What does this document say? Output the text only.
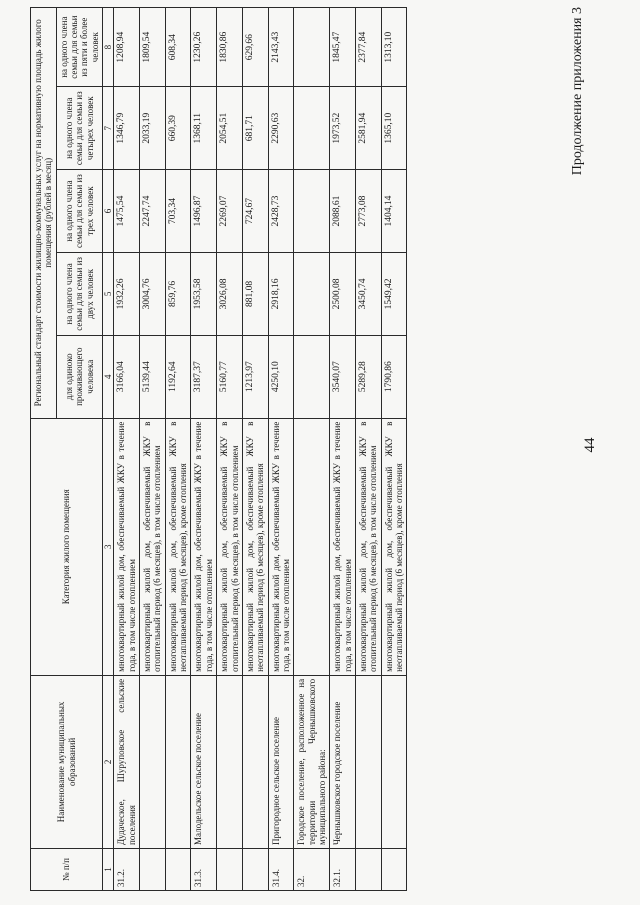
44
Продолжение приложения 3
№ п/п	Наименование муниципальных образований	Категория жилого помещения	Региональный стандарт стоимости жилищно-коммунальных услуг на нормативную площадь жилого помещения (рублей в месяц)				
			для одиноко проживающего человека	на одного члена семьи для семьи из двух человек	на одного члена семьи для семьи из трех человек	на одного члена семьи для семьи из четырех человек	на одного члена семьи для семьи из пяти и более человек
1	2	3	4	5	6	7	8
31.2.	Дудаческое, Шуруповское сельские поселения	многоквартирный жилой дом, обеспечиваемый ЖКУ в течение года, в том числе отоплением	3166,04	1932,26	1475,54	1346,79	1208,94
		многоквартирный жилой дом, обеспечиваемый ЖКУ в отопительный период (6 месяцев), в том числе отоплением	5139,44	3004,76	2247,74	2033,19	1809,54
		многоквартирный жилой дом, обеспечиваемый ЖКУ в неотапливаемый период (6 месяцев), кроме отопления	1192,64	859,76	703,34	660,39	608,34
31.3.	Малодельское сельское поселение	многоквартирный жилой дом, обеспечиваемый ЖКУ в течение года, в том числе отоплением	3187,37	1953,58	1496,87	1368,11	1230,26
		многоквартирный жилой дом, обеспечиваемый ЖКУ в отопительный период (6 месяцев), в том числе отоплением	5160,77	3026,08	2269,07	2054,51	1830,86
		многоквартирный жилой дом, обеспечиваемый ЖКУ в неотапливаемый период (6 месяцев), кроме отопления	1213,97	881,08	724,67	681,71	629,66
31.4.	Пригородное сельское поселение	многоквартирный жилой дом, обеспечиваемый ЖКУ в течение года, в том числе отоплением	4250,10	2918,16	2428,73	2290,63	2143,43
32.	Городское поселение, расположенное на территории Чернышковского муниципального района:						
32.1.	Чернышковское городское поселение	многоквартирный жилой дом, обеспечиваемый ЖКУ в течение года, в том числе отоплением	3540,07	2500,08	2088,61	1973,52	1845,47
		многоквартирный жилой дом, обеспечиваемый ЖКУ в отопительный период (6 месяцев), в том числе отоплением	5289,28	3450,74	2773,08	2581,94	2377,84
		многоквартирный жилой дом, обеспечиваемый ЖКУ в неотапливаемый период (6 месяцев), кроме отопления	1790,86	1549,42	1404,14	1365,10	1313,10
